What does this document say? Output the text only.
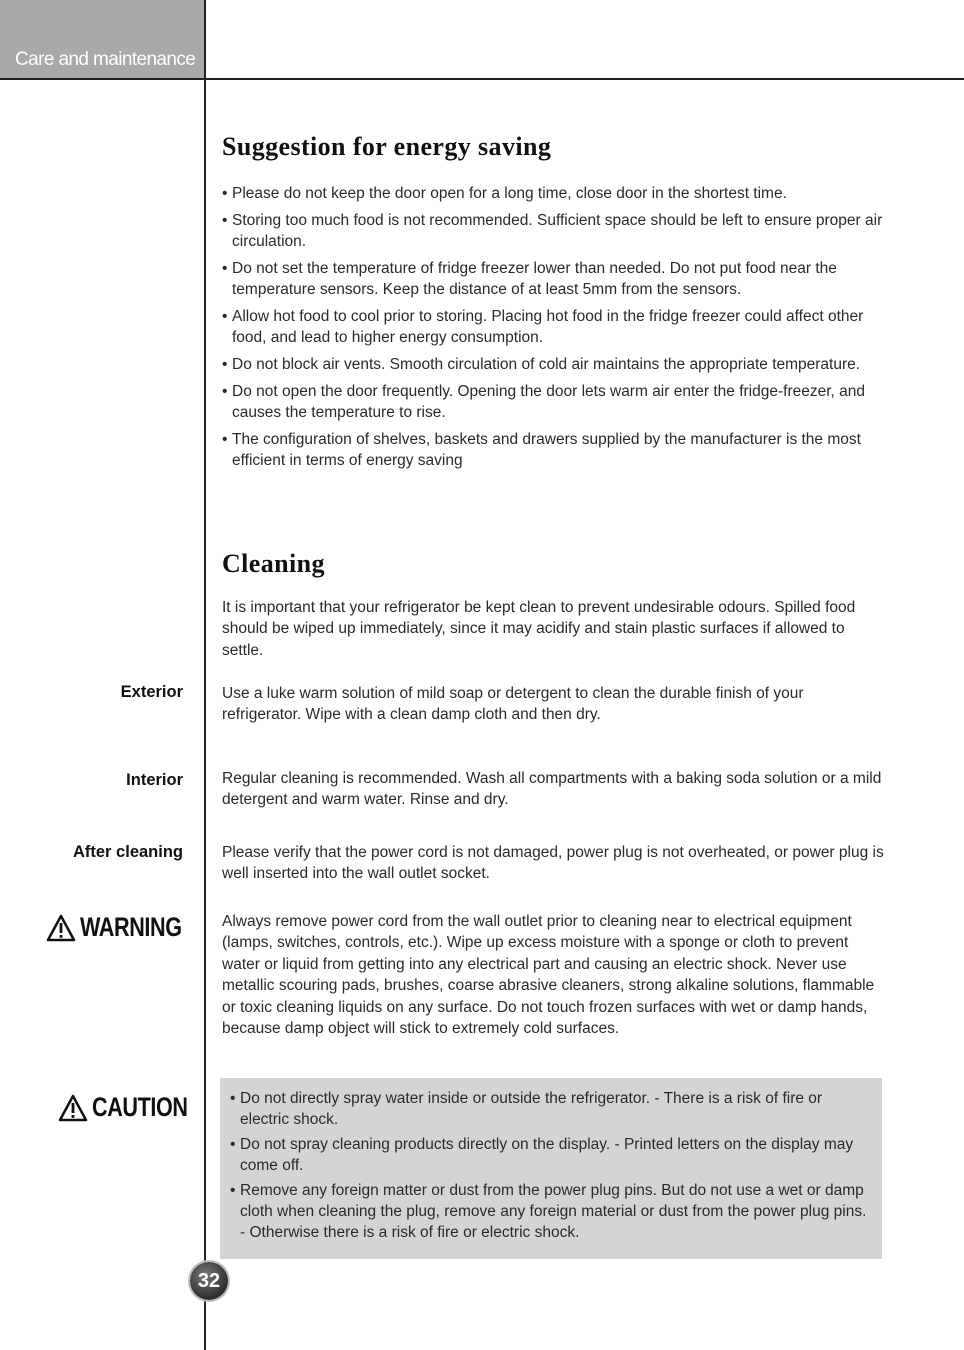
Care and maintenance
Suggestion for energy saving
• Please do not keep the door open for a long time, close door in the shortest time.
• Storing too much food is not recommended. Sufficient space should be left to ensure proper air circulation.
• Do not set the temperature of fridge freezer lower than needed. Do not put food near the temperature sensors. Keep the distance of at least 5mm from the sensors.
• Allow hot food to cool prior to storing. Placing hot food in the fridge freezer could affect other food, and lead to higher energy consumption.
• Do not block air vents. Smooth circulation of cold air maintains the appropriate temperature.
• Do not open the door frequently. Opening the door lets warm air enter the fridge-freezer, and causes the temperature to rise.
• The configuration of shelves, baskets and drawers supplied by the manufacturer is the most efficient in terms of energy saving
Cleaning

It is important that your refrigerator be kept clean to prevent undesirable odours. Spilled food should be wiped up immediately, since it may acidify and stain plastic surfaces if allowed to settle.

Exterior	Use a luke warm solution of mild soap or detergent to clean the durable finish of your refrigerator. Wipe with a clean damp cloth and then dry.

Interior	Regular cleaning is recommended. Wash all compartments with a baking soda solution or a mild detergent and warm water. Rinse and dry.

After cleaning	Please verify that the power cord is not damaged, power plug is not overheated, or power plug is well inserted into the wall outlet socket.

WARNING	Always remove power cord from the wall outlet prior to cleaning near to electrical equipment (lamps, switches, controls, etc.). Wipe up excess moisture with a sponge or cloth to prevent water or liquid from getting into any electrical part and causing an electric shock. Never use metallic scouring pads, brushes, coarse abrasive cleaners, strong alkaline solutions, flammable or toxic cleaning liquids on any surface. Do not touch frozen surfaces with wet or damp hands, because damp object will stick to extremely cold surfaces.

CAUTION
•	Do not directly spray water inside or outside the refrigerator. - There is a risk of fire or electric shock.
• Do not spray cleaning products directly on the display. - Printed letters on the display may come off.
• Remove any foreign matter or dust from the power plug pins. But do not use a wet or damp cloth when cleaning the plug, remove any foreign material or dust from the power plug pins. - Otherwise there is a risk of fire or electric shock.
32
